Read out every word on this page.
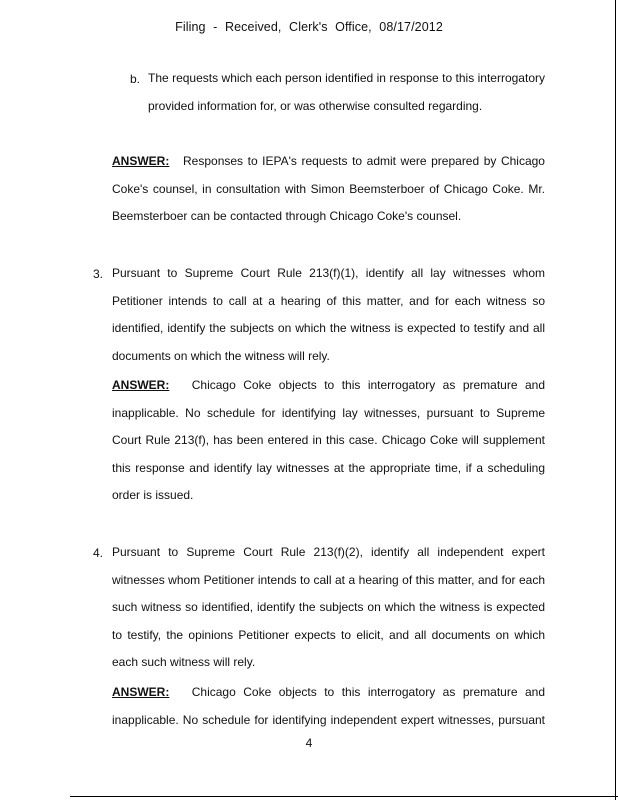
Filing - Received, Clerk's Office, 08/17/2012
b. The requests which each person identified in response to this interrogatory provided information for, or was otherwise consulted regarding.
ANSWER: Responses to IEPA's requests to admit were prepared by Chicago Coke's counsel, in consultation with Simon Beemsterboer of Chicago Coke. Mr. Beemsterboer can be contacted through Chicago Coke's counsel.
3. Pursuant to Supreme Court Rule 213(f)(1), identify all lay witnesses whom Petitioner intends to call at a hearing of this matter, and for each witness so identified, identify the subjects on which the witness is expected to testify and all documents on which the witness will rely.
ANSWER: Chicago Coke objects to this interrogatory as premature and inapplicable. No schedule for identifying lay witnesses, pursuant to Supreme Court Rule 213(f), has been entered in this case. Chicago Coke will supplement this response and identify lay witnesses at the appropriate time, if a scheduling order is issued.
4. Pursuant to Supreme Court Rule 213(f)(2), identify all independent expert witnesses whom Petitioner intends to call at a hearing of this matter, and for each such witness so identified, identify the subjects on which the witness is expected to testify, the opinions Petitioner expects to elicit, and all documents on which each such witness will rely.
ANSWER: Chicago Coke objects to this interrogatory as premature and inapplicable. No schedule for identifying independent expert witnesses, pursuant
4
